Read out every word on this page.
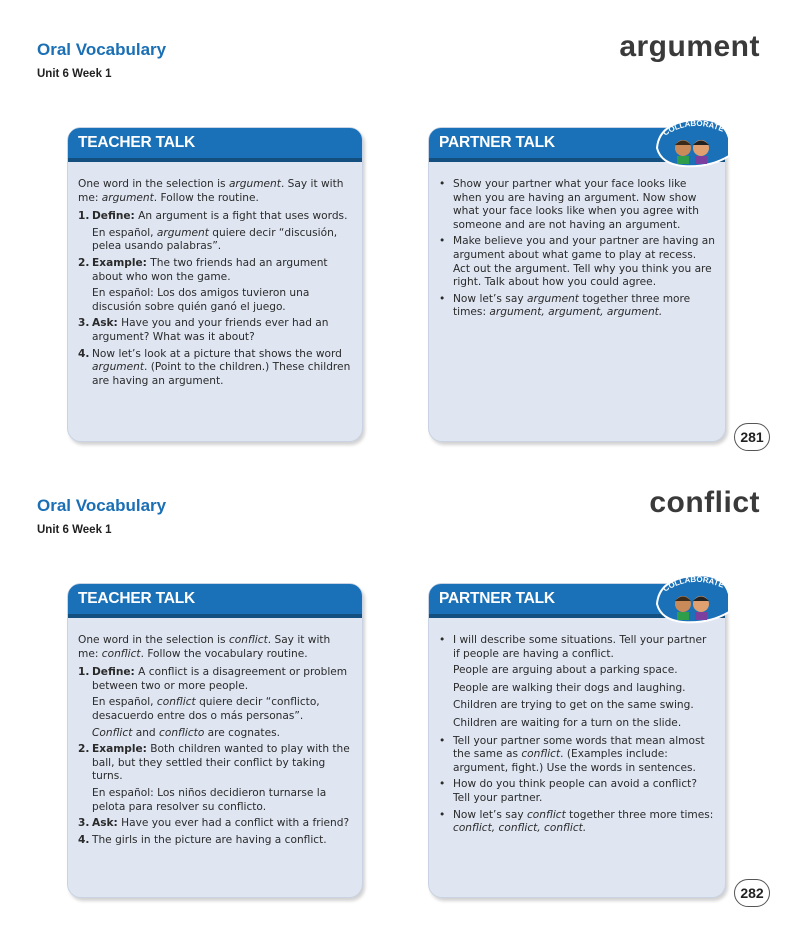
Oral Vocabulary
Unit 6 Week 1
argument
TEACHER TALK

One word in the selection is argument. Say it with me: argument. Follow the routine.

1. Define: An argument is a fight that uses words.
En español, argument quiere decir “discusión, pelea usando palabras”.
2. Example: The two friends had an argument about who won the game.
En español: Los dos amigos tuvieron una discusión sobre quién ganó el juego.
3. Ask: Have you and your friends ever had an argument? What was it about?
4. Now let’s look at a picture that shows the word argument. (Point to the children.) These children are having an argument.
PARTNER TALK
COLLABORATE
• Show your partner what your face looks like when you are having an argument. Now show what your face looks like when you agree with someone and are not having an argument.
• Make believe you and your partner are having an argument about what game to play at recess. Act out the argument. Tell why you think you are right. Talk about how you could agree.
• Now let’s say argument together three more times: argument, argument, argument.
281
Oral Vocabulary
Unit 6 Week 1
conflict
TEACHER TALK

One word in the selection is conflict. Say it with me: conflict. Follow the vocabulary routine.

1. Define: A conflict is a disagreement or problem between two or more people.
En español, conflict quiere decir “conflicto, desacuerdo entre dos o más personas”.
Conflict and conflicto are cognates.
2. Example: Both children wanted to play with the ball, but they settled their conflict by taking turns.
En español: Los niños decidieron turnarse la pelota para resolver su conflicto.
3. Ask: Have you ever had a conflict with a friend?
4. The girls in the picture are having a conflict.
PARTNER TALK
COLLABORATE
• I will describe some situations. Tell your partner if people are having a conflict.
People are arguing about a parking space.
People are walking their dogs and laughing.
Children are trying to get on the same swing.
Children are waiting for a turn on the slide.
• Tell your partner some words that mean almost the same as conflict. (Examples include: argument, fight.) Use the words in sentences.
• How do you think people can avoid a conflict? Tell your partner.
• Now let’s say conflict together three more times: conflict, conflict, conflict.
282
